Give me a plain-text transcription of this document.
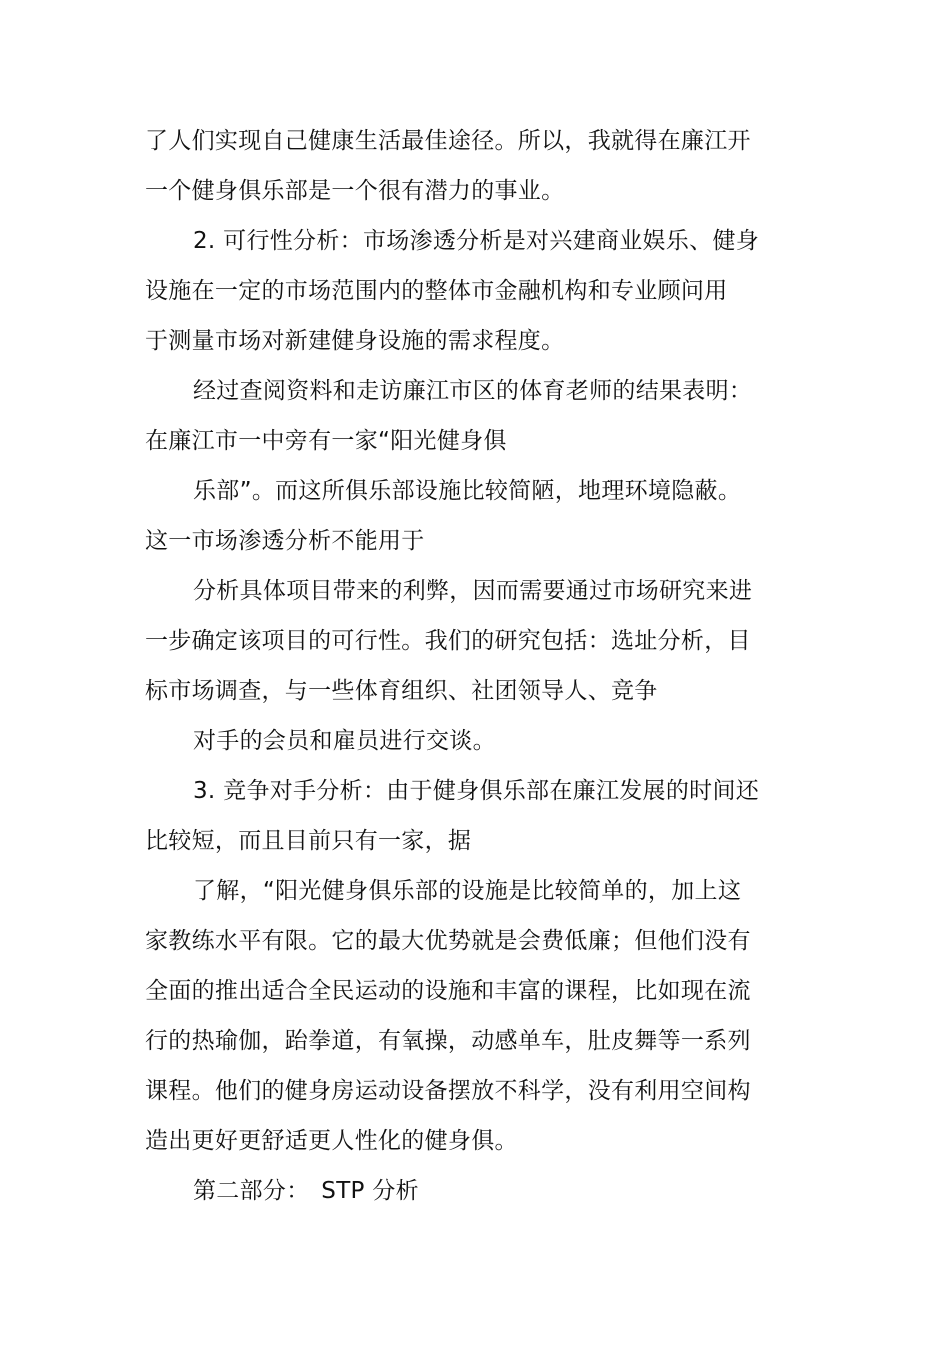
了人们实现自己健康生活最佳途径。所以，我就得在廉江开
一个健身俱乐部是一个很有潜力的事业。
2. 可行性分析：市场渗透分析是对兴建商业娱乐、健身
设施在一定的市场范围内的整体市金融机构和专业顾问用
于测量市场对新建健身设施的需求程度。
经过查阅资料和走访廉江市区的体育老师的结果表明：
在廉江市一中旁有一家“阳光健身俱
乐部”。而这所俱乐部设施比较简陋，地理环境隐蔽。
这一市场渗透分析不能用于
分析具体项目带来的利弊，因而需要通过市场研究来进
一步确定该项目的可行性。我们的研究包括：选址分析，目
标市场调查，与一些体育组织、社团领导人、竞争
对手的会员和雇员进行交谈。
3. 竞争对手分析：由于健身俱乐部在廉江发展的时间还
比较短，而且目前只有一家，据
了解，“阳光健身俱乐部的设施是比较简单的，加上这
家教练水平有限。它的最大优势就是会费低廉；但他们没有
全面的推出适合全民运动的设施和丰富的课程，比如现在流
行的热瑜伽，跆拳道，有氧操，动感单车，肚皮舞等一系列
课程。他们的健身房运动设备摆放不科学，没有利用空间构
造出更好更舒适更人性化的健身俱。
第二部分：　STP 分析
